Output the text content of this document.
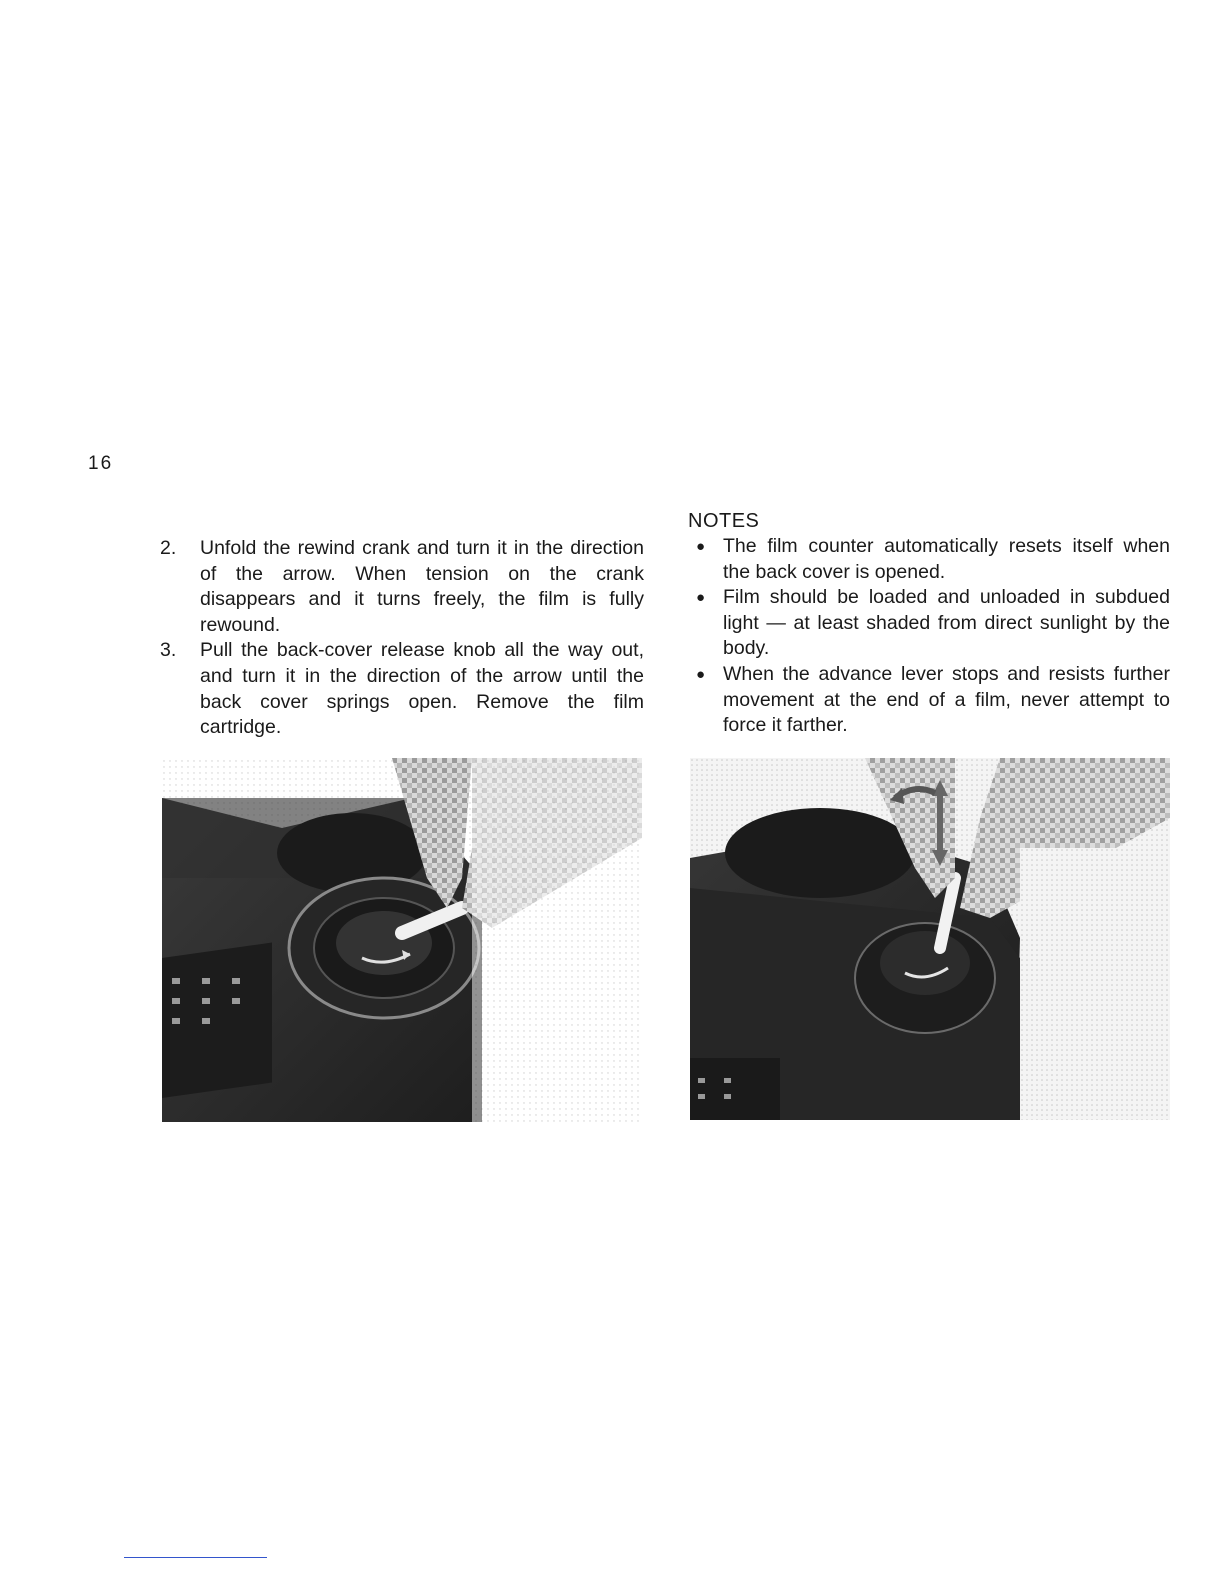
16
2.	Unfold the rewind crank and turn it in the direction of the arrow. When tension on the crank disappears and it turns freely, the film is fully rewound.
3.	Pull the back-cover release knob all the way out, and turn it in the direction of the arrow until the back cover springs open. Remove the film cartridge.
NOTES
● The film counter automatically resets itself when the back cover is opened.
● Film should be loaded and unloaded in subdued light — at least shaded from direct sunlight by the body.
● When the advance lever stops and resists further movement at the end of a film, never attempt to force it farther.
